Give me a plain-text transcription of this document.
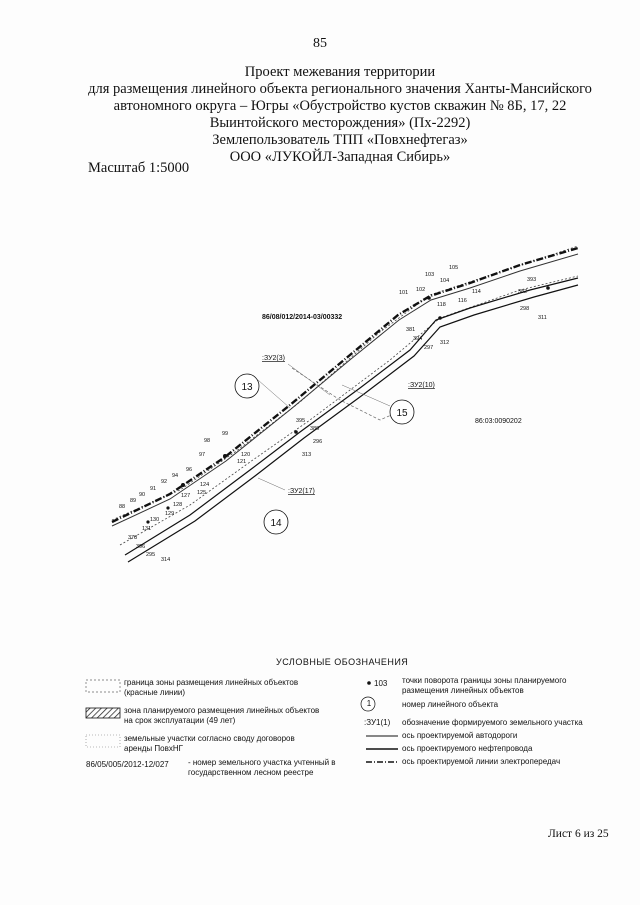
85
Проект межевания территории
для размещения линейного объекта регионального значения Ханты-Мансийского
автономного округа – Югры «Обустройство кустов скважин № 8Б, 17, 22
Выинтойского месторождения» (Пх-2292)
Землепользователь ТПП «Повхнефтегаз»
ООО «ЛУКОЙЛ-Западная Сибирь»
Масштаб 1:5000
105
103
104
101 102	114
116
118
393
382
298
311
381
394
297
312
395
380
296
313
99
98
97	120
121
96
94
92	124
91
125
127
90
89
128
88
129
130
131
378
396
295
314
86/08/012/2014-03/00332
86:03:0090202
:ЗУ2(3)
:ЗУ2(10)
:ЗУ2(17)
13
15
14
УСЛОВНЫЕ ОБОЗНАЧЕНИЯ
граница зоны размещения линейных объектов (красные линии)
зона планируемого размещения линейных объектов на срок эксплуатации (49 лет)
земельные участки согласно своду договоров аренды ПовхНГ
86/05/005/2012-12/027	- номер земельного участка учтенный в государственном лесном реестре
103 точки поворота границы зоны планируемого размещения линейных объектов
1	номер линейного объекта
:ЗУ1(1) обозначение формируемого земельного участка
ось проектируемой автодороги
ось проектируемого нефтепровода
ось проектируемой линии электропередач
Лист 6 из 25
